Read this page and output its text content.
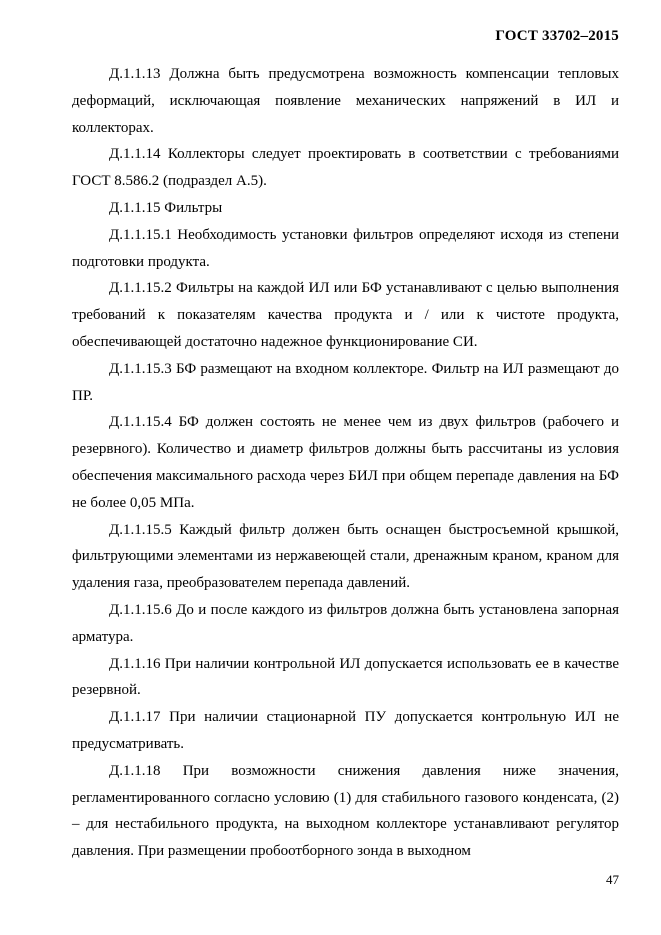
ГОСТ 33702–2015

Д.1.1.13 Должна быть предусмотрена возможность компенсации тепловых деформаций, исключающая появление механических напряжений в ИЛ и коллекторах.

Д.1.1.14 Коллекторы следует проектировать в соответствии с требованиями ГОСТ 8.586.2 (подраздел А.5).

Д.1.1.15 Фильтры

Д.1.1.15.1 Необходимость установки фильтров определяют исходя из степени подготовки продукта.

Д.1.1.15.2 Фильтры на каждой ИЛ или БФ устанавливают с целью выполнения требований к показателям качества продукта и / или к чистоте продукта, обеспечивающей достаточно надежное функционирование СИ.

Д.1.1.15.3 БФ размещают на входном коллекторе. Фильтр на ИЛ размещают до ПР.

Д.1.1.15.4 БФ должен состоять не менее чем из двух фильтров (рабочего и резервного). Количество и диаметр фильтров должны быть рассчитаны из условия обеспечения максимального расхода через БИЛ при общем перепаде давления на БФ не более 0,05 МПа.

Д.1.1.15.5 Каждый фильтр должен быть оснащен быстросъемной крышкой, фильтрующими элементами из нержавеющей стали, дренажным краном, краном для удаления газа, преобразователем перепада давлений.

Д.1.1.15.6 До и после каждого из фильтров должна быть установлена запорная арматура.

Д.1.1.16 При наличии контрольной ИЛ допускается использовать ее в качестве резервной.

Д.1.1.17 При наличии стационарной ПУ допускается контрольную ИЛ не предусматривать.

Д.1.1.18 При возможности снижения давления ниже значения, регламентированного согласно условию (1) для стабильного газового конденсата, (2) – для нестабильного продукта, на выходном коллекторе устанавливают регулятор давления. При размещении пробоотборного зонда в выходном

47
